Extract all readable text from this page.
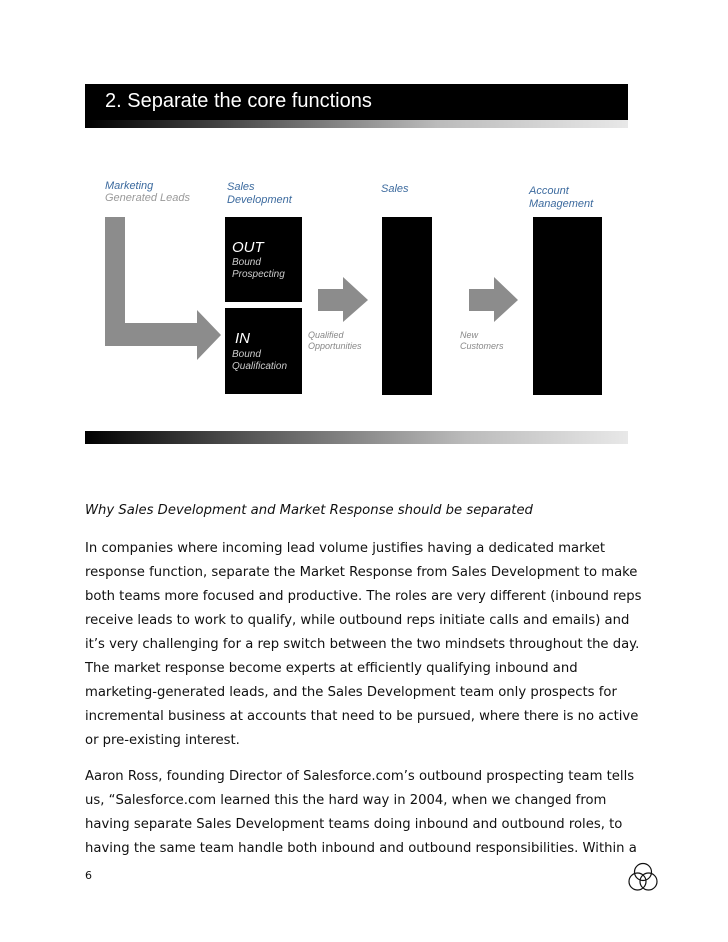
2. Separate the core functions
Marketing
Generated Leads
Sales
Development
Sales	Account
Management
OUT
Bound
Prospecting
IN
Bound
Qualification
Qualified
Opportunities
New
Customers
Why Sales Development and Market Response should be separated
In companies where incoming lead volume justifies having a dedicated market
response function, separate the Market Response from Sales Development to make
both teams more focused and productive. The roles are very different (inbound reps
receive leads to work to qualify, while outbound reps initiate calls and emails) and
it’s very challenging for a rep switch between the two mindsets throughout the day.
The market response become experts at efficiently qualifying inbound and
marketing-generated leads, and the Sales Development team only prospects for
incremental business at accounts that need to be pursued, where there is no active
or pre-existing interest.
Aaron Ross, founding Director of Salesforce.com’s outbound prospecting team tells
us, “Salesforce.com learned this the hard way in 2004, when we changed from
having separate Sales Development teams doing inbound and outbound roles, to
having the same team handle both inbound and outbound responsibilities. Within a
6
